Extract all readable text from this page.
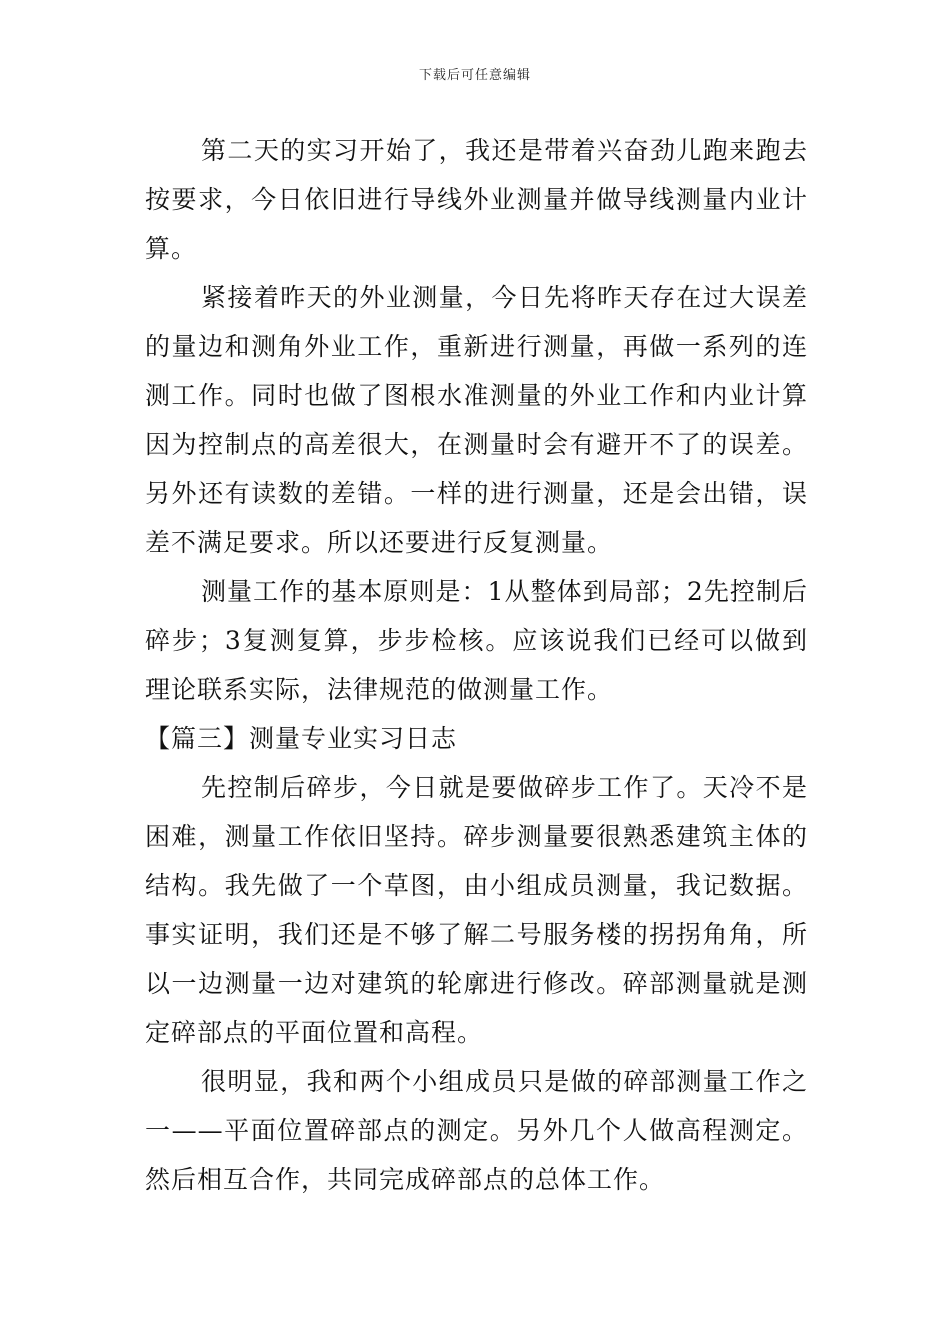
下载后可任意编辑

第二天的实习开始了，我还是带着兴奋劲儿跑来跑去按要求，今日依旧进行导线外业测量并做导线测量内业计算。

紧接着昨天的外业测量，今日先将昨天存在过大误差的量边和测角外业工作，重新进行测量，再做一系列的连测工作。同时也做了图根水准测量的外业工作和内业计算因为控制点的高差很大，在测量时会有避开不了的误差。另外还有读数的差错。一样的进行测量，还是会出错，误差不满足要求。所以还要进行反复测量。

测量工作的基本原则是：1从整体到局部；2先控制后碎步；3复测复算，步步检核。应该说我们已经可以做到理论联系实际，法律规范的做测量工作。

【篇三】测量专业实习日志

先控制后碎步，今日就是要做碎步工作了。天冷不是困难，测量工作依旧坚持。碎步测量要很熟悉建筑主体的结构。我先做了一个草图，由小组成员测量，我记数据。事实证明，我们还是不够了解二号服务楼的拐拐角角，所以一边测量一边对建筑的轮廓进行修改。碎部测量就是测定碎部点的平面位置和高程。

很明显，我和两个小组成员只是做的碎部测量工作之一——平面位置碎部点的测定。另外几个人做高程测定。然后相互合作，共同完成碎部点的总体工作。
